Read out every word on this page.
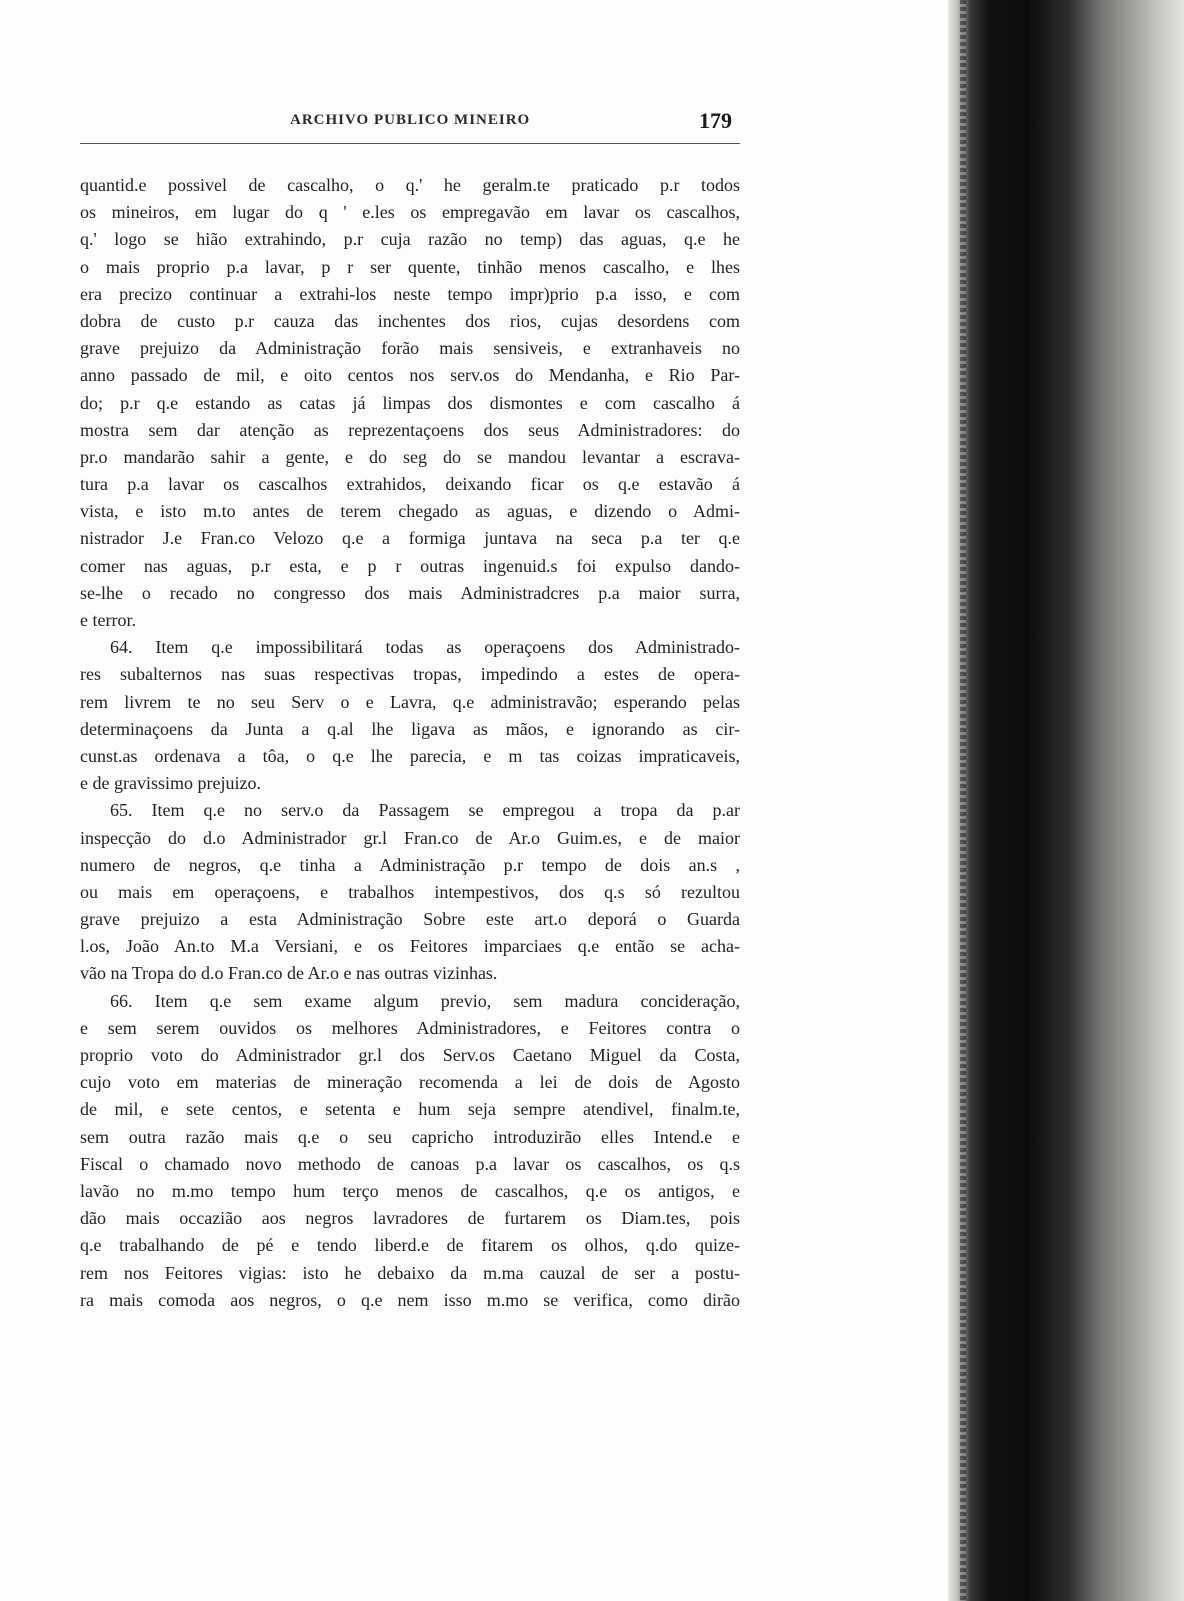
ARCHIVO PUBLICO MINEIRO	179
quantid.e possivel de cascalho, o q.' he geralm.te praticado p.r todos
os mineiros, em lugar do q ' e.les os empregavão em lavar os cascalhos,
q.' logo se hião extrahindo, p.r cuja razão no temp) das aguas, q.e he
o mais proprio p.a lavar, p r ser quente, tinhão menos cascalho, e lhes
era precizo continuar a extrahi-los neste tempo impr)prio p.a isso, e com
dobra de custo p.r cauza das inchentes dos rios, cujas desordens com
grave prejuizo da Administração forão mais sensiveis, e extranhaveis no
anno passado de mil, e oito centos nos serv.os do Mendanha, e Rio Par-
do; p.r q.e estando as catas já limpas dos dismontes e com cascalho á
mostra sem dar atenção as reprezentaçoens dos seus Administradores: do
pr.o mandarão sahir a gente, e do seg do se mandou levantar a escrava-
tura p.a lavar os cascalhos extrahidos, deixando ficar os q.e estavão á
vista, e isto m.to antes de terem chegado as aguas, e dizendo o Admi-
nistrador J.e Fran.co Velozo q.e a formiga juntava na seca p.a ter q.e
comer nas aguas, p.r esta, e p r outras ingenuid.s foi expulso dando-
se-lhe o recado no congresso dos mais Administradcres p.a maior surra,
e terror.
64. Item q.e impossibilitará todas as operaçoens dos Administrado-
res subalternos nas suas respectivas tropas, impedindo a estes de opera-
rem livrem te no seu Serv o e Lavra, q.e administravão; esperando pelas
determinaçoens da Junta a q.al lhe ligava as mãos, e ignorando as cir-
cunst.as ordenava a tôa, o q.e lhe parecia, e m tas coizas impraticaveis,
e de gravissimo prejuizo.
65. Item q.e no serv.o da Passagem se empregou a tropa da p.ar
inspecção do d.o Administrador gr.l Fran.co de Ar.o Guim.es, e de maior
numero de negros, q.e tinha a Administração p.r tempo de dois an.s ,
ou mais em operaçoens, e trabalhos intempestivos, dos q.s só rezultou
grave prejuizo a esta Administração Sobre este art.o deporá o Guarda
l.os, João An.to M.a Versiani, e os Feitores imparciaes q.e então se acha-
vão na Tropa do d.o Fran.co de Ar.o e nas outras vizinhas.
66. Item q.e sem exame algum previo, sem madura concideração,
e sem serem ouvidos os melhores Administradores, e Feitores contra o
proprio voto do Administrador gr.l dos Serv.os Caetano Miguel da Costa,
cujo voto em materias de mineração recomenda a lei de dois de Agosto
de mil, e sete centos, e setenta e hum seja sempre atendivel, finalm.te,
sem outra razão mais q.e o seu capricho introduzirão elles Intend.e e
Fiscal o chamado novo methodo de canoas p.a lavar os cascalhos, os q.s
lavão no m.mo tempo hum terço menos de cascalhos, q.e os antigos, e
dão mais occazião aos negros lavradores de furtarem os Diam.tes, pois
q.e trabalhando de pé e tendo liberd.e de fitarem os olhos, q.do quize-
rem nos Feitores vigias: isto he debaixo da m.ma cauzal de ser a postu-
ra mais comoda aos negros, o q.e nem isso m.mo se verifica, como dirão
